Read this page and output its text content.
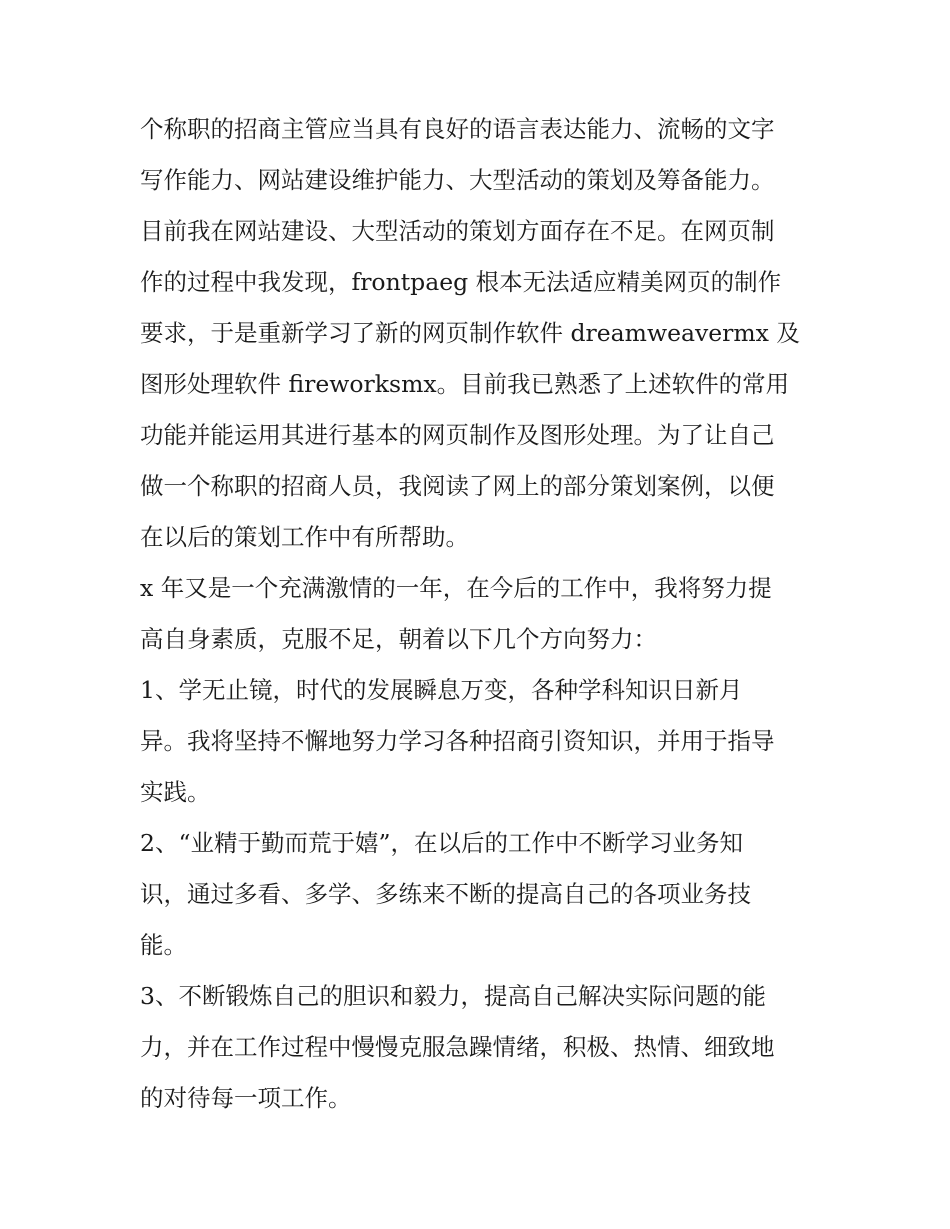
个称职的招商主管应当具有良好的语言表达能力、流畅的文字
写作能力、网站建设维护能力、大型活动的策划及筹备能力。
目前我在网站建设、大型活动的策划方面存在不足。在网页制
作的过程中我发现，frontpaeg 根本无法适应精美网页的制作
要求，于是重新学习了新的网页制作软件 dreamweavermx 及
图形处理软件 fireworksmx。目前我已熟悉了上述软件的常用
功能并能运用其进行基本的网页制作及图形处理。为了让自己
做一个称职的招商人员，我阅读了网上的部分策划案例，以便
在以后的策划工作中有所帮助。
x 年又是一个充满激情的一年，在今后的工作中，我将努力提
高自身素质，克服不足，朝着以下几个方向努力：
1、学无止镜，时代的发展瞬息万变，各种学科知识日新月
异。我将坚持不懈地努力学习各种招商引资知识，并用于指导
实践。
2、“业精于勤而荒于嬉”，在以后的工作中不断学习业务知
识，通过多看、多学、多练来不断的提高自己的各项业务技
能。
3、不断锻炼自己的胆识和毅力，提高自己解决实际问题的能
力，并在工作过程中慢慢克服急躁情绪，积极、热情、细致地
的对待每一项工作。
